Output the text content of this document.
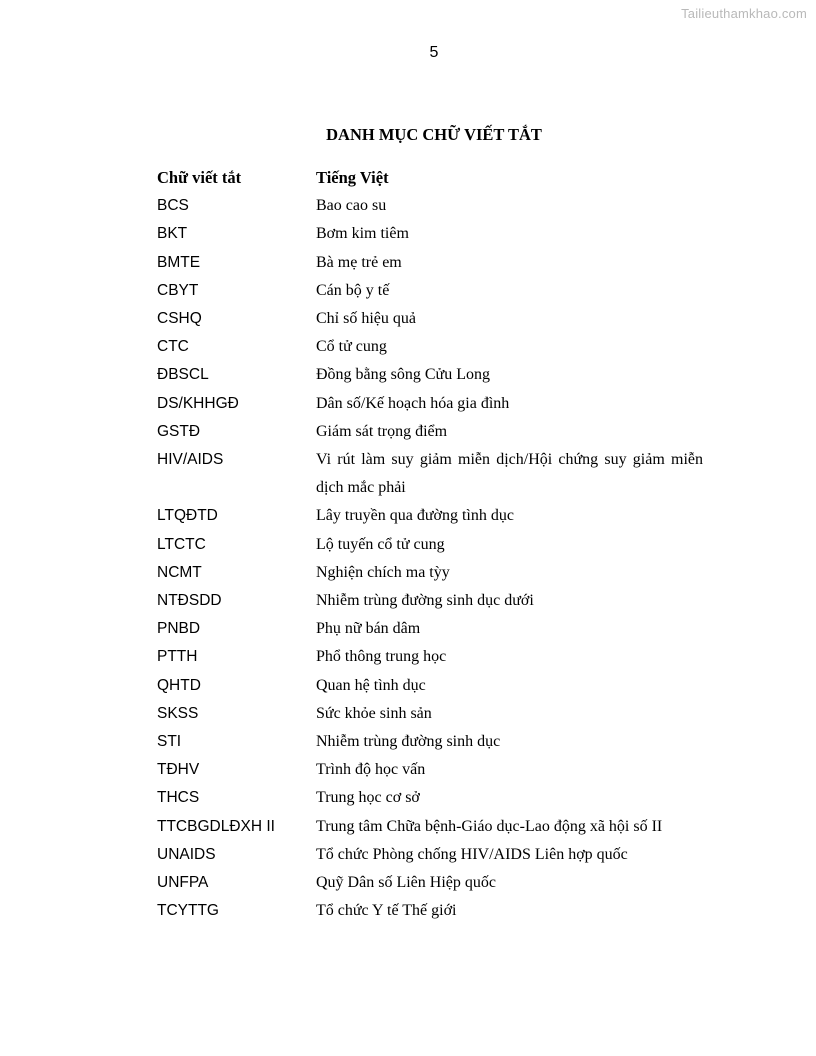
Tailieuthamkhao.com
5
DANH MỤC CHỮ VIẾT TẮT
Chữ viết tắt	Tiếng Việt
BCS	Bao cao su
BKT	Bơm kim tiêm
BMTE	Bà mẹ trẻ em
CBYT	Cán bộ y tế
CSHQ	Chỉ số hiệu quả
CTC	Cổ tử cung
ĐBSCL	Đồng bằng sông Cửu Long
DS/KHHGĐ	Dân số/Kế hoạch hóa gia đình
GSTĐ	Giám sát trọng điểm
HIV/AIDS	Vi rút làm suy giảm miễn dịch/Hội chứng suy giảm miễn dịch mắc phải
LTQĐTD	Lây truyền qua đường tình dục
LTCTC	Lộ tuyến cổ tử cung
NCMT	Nghiện chích ma tỳy
NTĐSDD	Nhiễm trùng đường sinh dục dưới
PNBD	Phụ nữ bán dâm
PTTH	Phổ thông trung học
QHTD	Quan hệ tình dục
SKSS	Sức khỏe sinh sản
STI	Nhiễm trùng đường sinh dục
TĐHV	Trình độ học vấn
THCS	Trung học cơ sở
TTCBGDLĐXH II	Trung tâm Chữa bệnh-Giáo dục-Lao động xã hội số II
UNAIDS	Tổ chức Phòng chống HIV/AIDS Liên hợp quốc
UNFPA	Quỹ Dân số Liên Hiệp quốc
TCYTTG	Tổ chức Y tế Thế giới
